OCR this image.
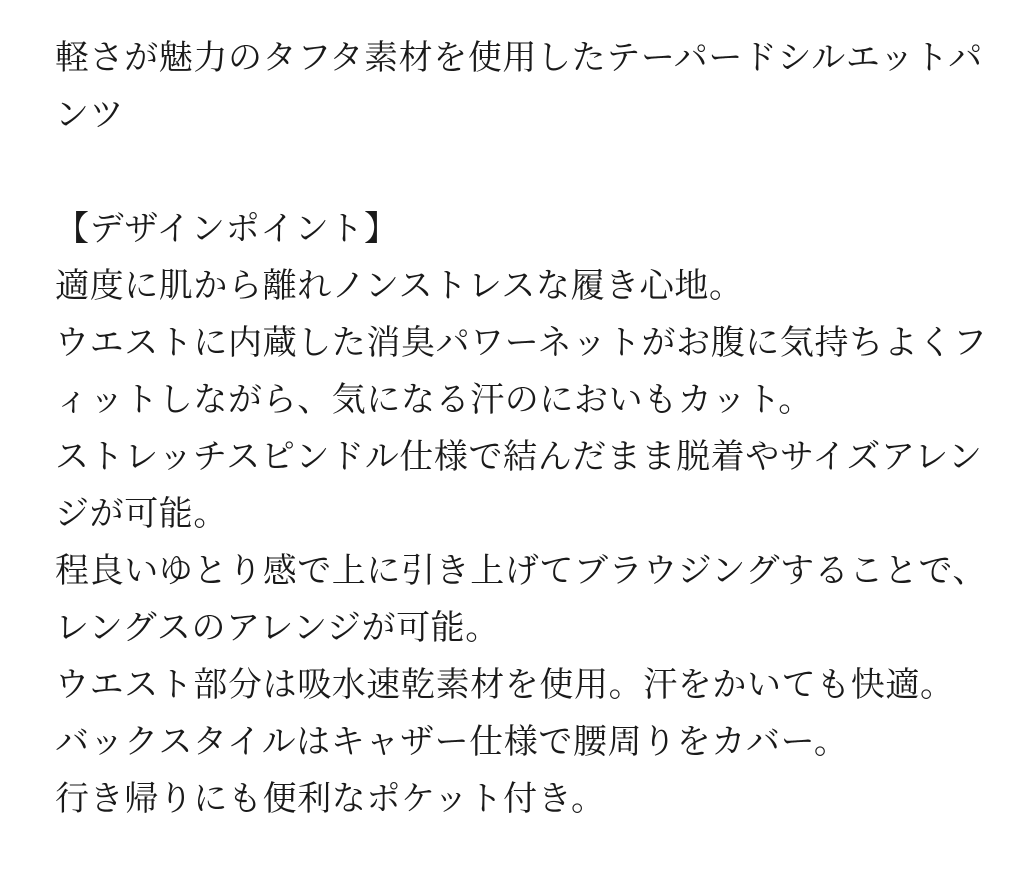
軽さが魅力のタフタ素材を使用したテーパードシルエットパンツ

【デザインポイント】

適度に肌から離れノンストレスな履き心地。

ウエストに内蔵した消臭パワーネットがお腹に気持ちよくフィットしながら、気になる汗のにおいもカット。

ストレッチスピンドル仕様で結んだまま脱着やサイズアレンジが可能。

程良いゆとり感で上に引き上げてブラウジングすることで、レングスのアレンジが可能。

ウエスト部分は吸水速乾素材を使用。汗をかいても快適。

バックスタイルはキャザー仕様で腰周りをカバー。

行き帰りにも便利なポケット付き。
